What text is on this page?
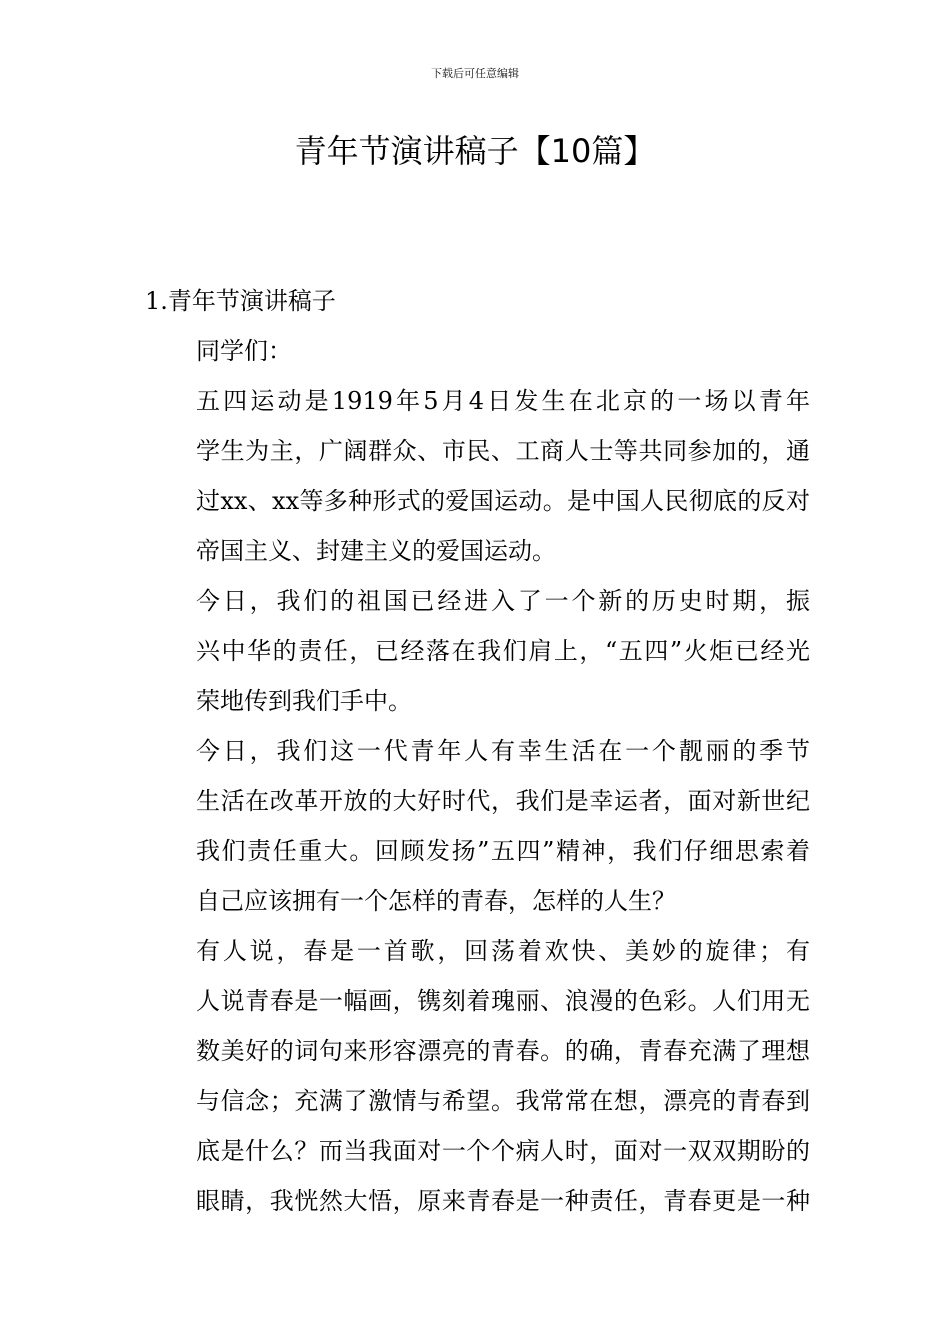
下载后可任意编辑
青年节演讲稿子【10篇】
1.青年节演讲稿子

同学们：

五四运动是1919年5月4日发生在北京的一场以青年
学生为主，广阔群众、市民、工商人士等共同参加的，通
过xx、xx等多种形式的爱国运动。是中国人民彻底的反对
帝国主义、封建主义的爱国运动。

今日，我们的祖国已经进入了一个新的历史时期，振
兴中华的责任，已经落在我们肩上，“五四”火炬已经光
荣地传到我们手中。

今日，我们这一代青年人有幸生活在一个靓丽的季节
生活在改革开放的大好时代，我们是幸运者，面对新世纪
我们责任重大。回顾发扬”五四”精神，我们仔细思索着
自己应该拥有一个怎样的青春，怎样的人生？

有人说，春是一首歌，回荡着欢快、美妙的旋律；有
人说青春是一幅画，镌刻着瑰丽、浪漫的色彩。人们用无
数美好的词句来形容漂亮的青春。的确，青春充满了理想
与信念；充满了激情与希望。我常常在想，漂亮的青春到
底是什么？而当我面对一个个病人时，面对一双双期盼的
眼睛，我恍然大悟，原来青春是一种责任，青春更是一种
